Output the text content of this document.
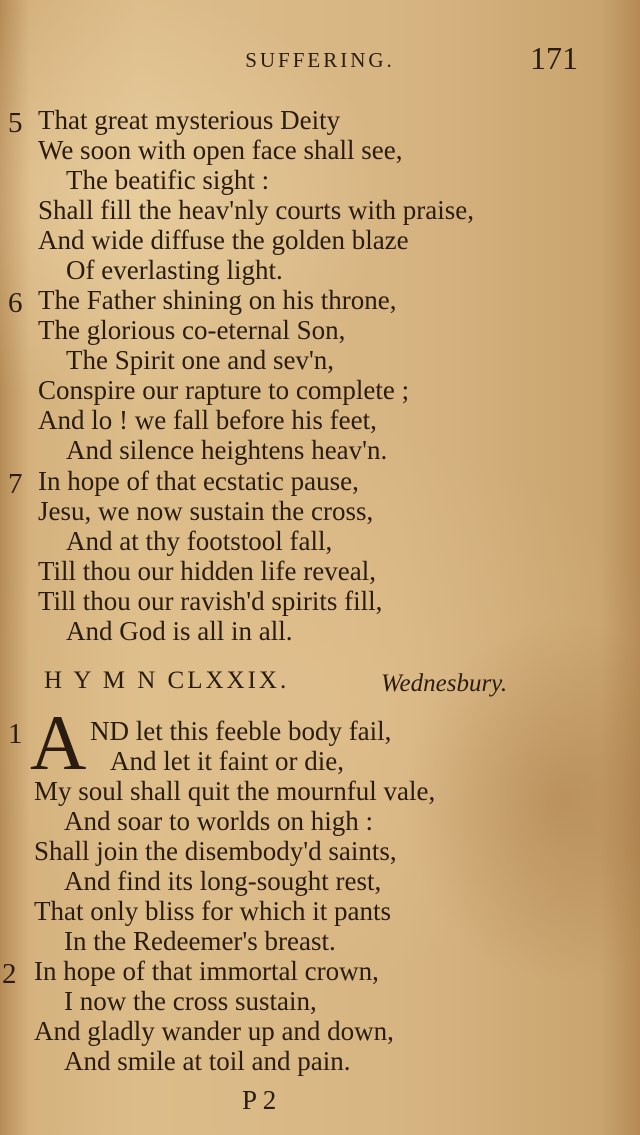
SUFFERING.	171
5 That great mysterious Deity
We soon with open face shall see,
The beatific sight :
Shall fill the heav'nly courts with praise,
And wide diffuse the golden blaze
Of everlasting light.
6 The Father shining on his throne,
The glorious co-eternal Son,
The Spirit one and sev'n,
Conspire our rapture to complete ;
And lo ! we fall before his feet,
And silence heightens heav'n.
7 In hope of that ecstatic pause,
Jesu, we now sustain the cross,
And at thy footstool fall,
Till thou our hidden life reveal,
Till thou our ravish'd spirits fill,
And God is all in all.
H Y M N CLXXIX.	Wednesbury.
1 A ND let this feeble body fail,
And let it faint or die,
My soul shall quit the mournful vale,
And soar to worlds on high :
Shall join the disembody'd saints,
And find its long-sought rest,
That only bliss for which it pants
In the Redeemer's breast.
2 In hope of that immortal crown,
I now the cross sustain,
And gladly wander up and down,
And smile at toil and pain.
P 2
